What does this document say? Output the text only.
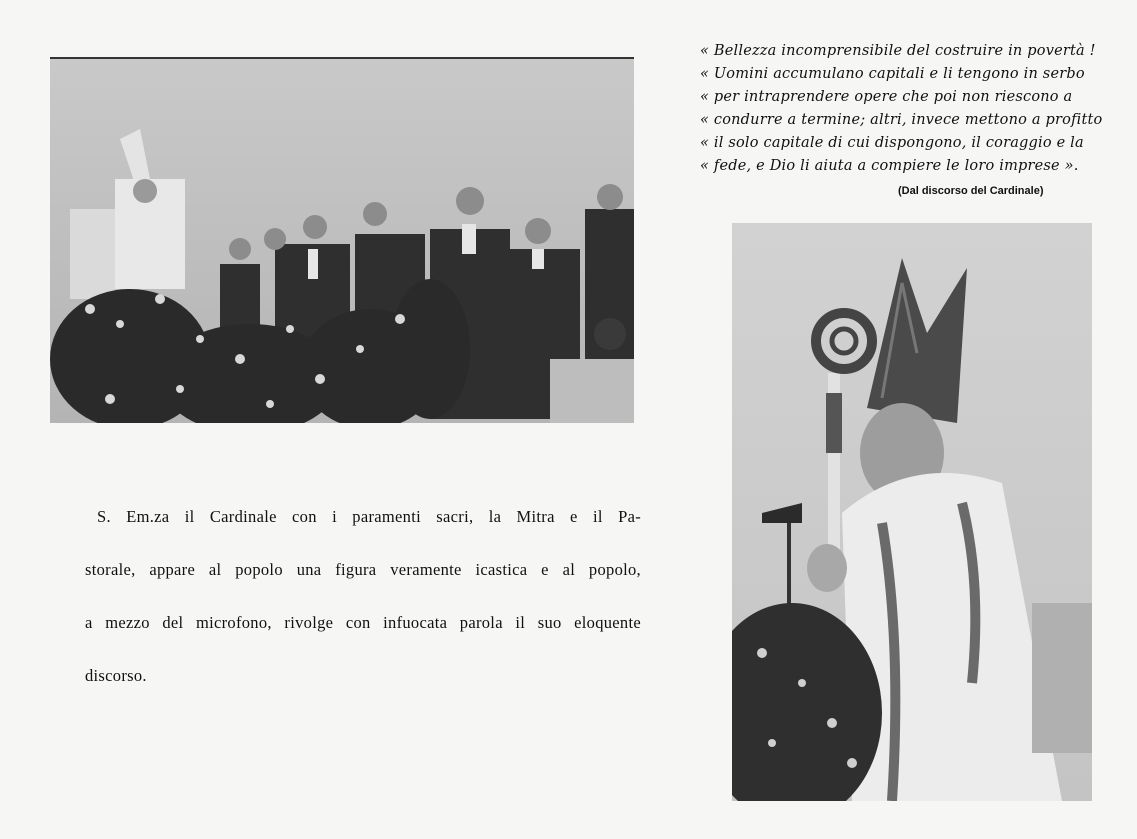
« Bellezza incomprensibile del costruire in povertà !
« Uomini accumulano capitali e li tengono in serbo
« per intraprendere opere che poi non riescono a
« condurre a termine; altri, invece mettono a profitto
« il solo capitale di cui dispongono, il coraggio e la
« fede, e Dio li aiuta a compiere le loro imprese ».
(Dal discorso del Cardinale)
S. Em.za il Cardinale con i paramenti sacri, la Mitra e il Pa-
storale, appare al popolo una figura veramente icastica e al popolo,
a mezzo del microfono, rivolge con infuocata parola il suo eloquente
discorso.
